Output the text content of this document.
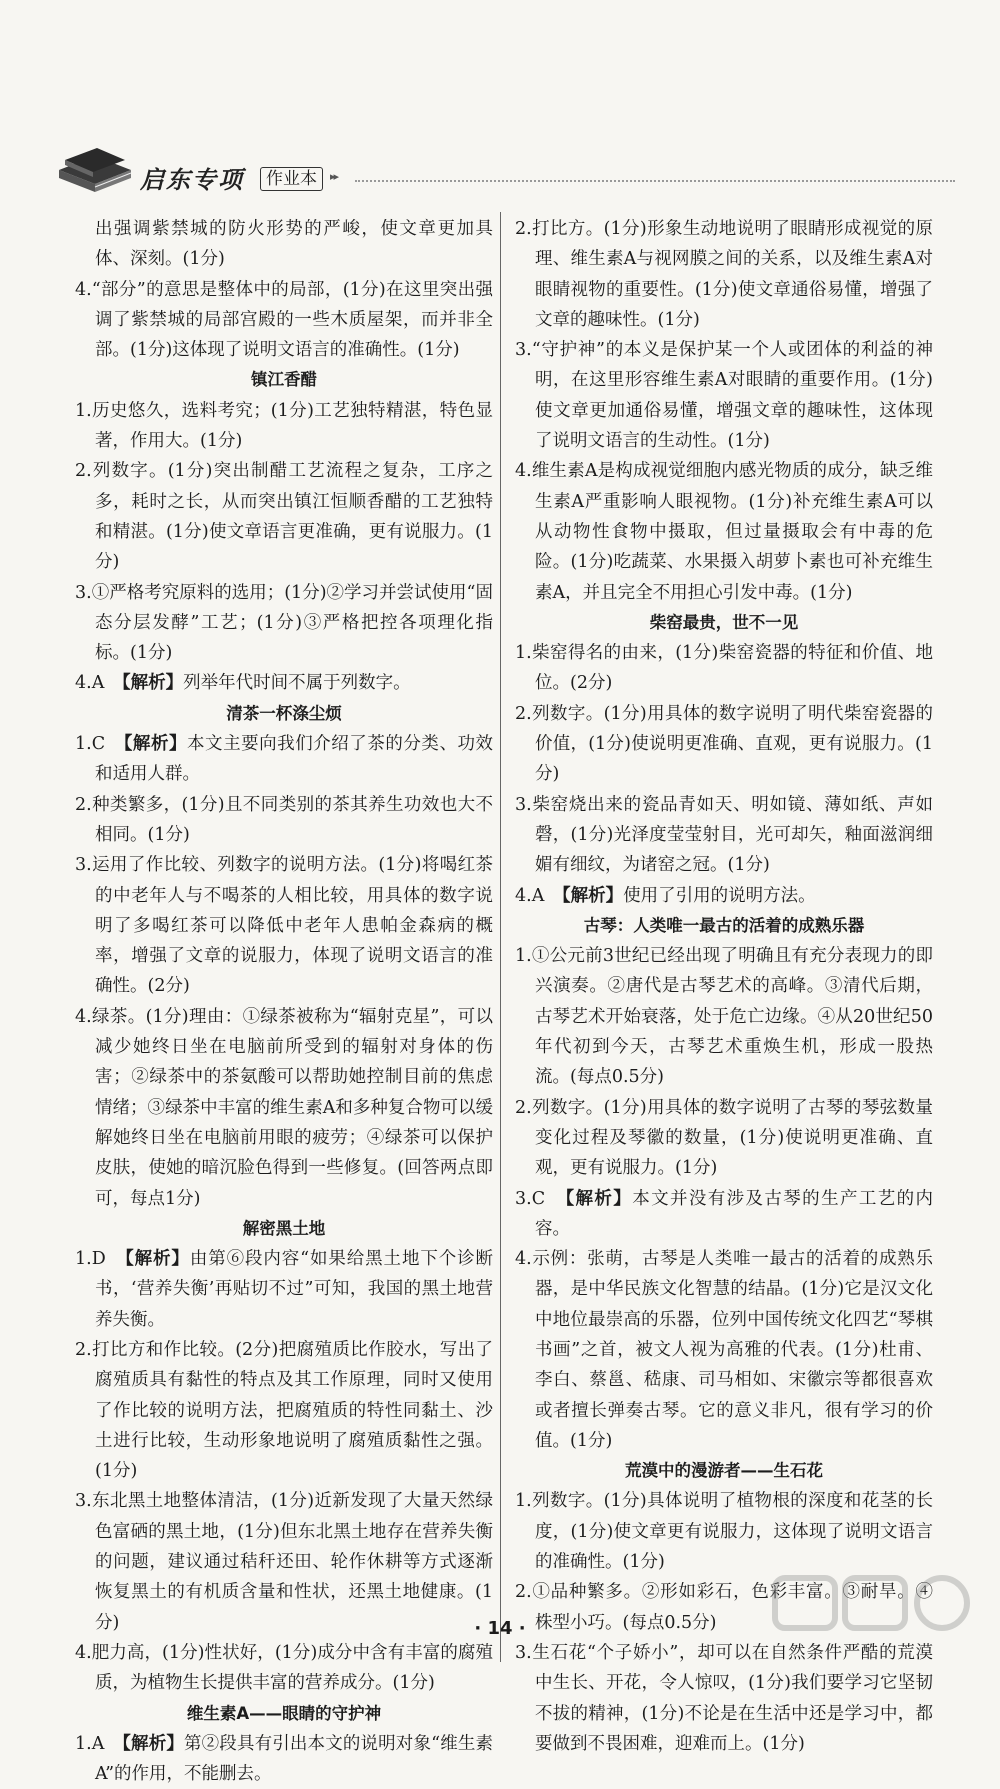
启东专项	作业本	▸▸

出强调紫禁城的防火形势的严峻，使文章更加具体、深刻。(1分)

4.“部分”的意思是整体中的局部，(1分)在这里突出强调了紫禁城的局部宫殿的一些木质屋架，而并非全部。(1分)这体现了说明文语言的准确性。(1分)

镇江香醋

1.历史悠久，选料考究；(1分)工艺独特精湛，特色显著，作用大。(1分)

2.列数字。(1分)突出制醋工艺流程之复杂，工序之多，耗时之长，从而突出镇江恒顺香醋的工艺独特和精湛。(1分)使文章语言更准确，更有说服力。(1分)

3.①严格考究原料的选用；(1分)②学习并尝试使用“固态分层发酵”工艺；(1分)③严格把控各项理化指标。(1分)

4.A　【解析】列举年代时间不属于列数字。

清茶一杯涤尘烦

1.C　【解析】本文主要向我们介绍了茶的分类、功效和适用人群。

2.种类繁多，(1分)且不同类别的茶其养生功效也大不相同。(1分)

3.运用了作比较、列数字的说明方法。(1分)将喝红茶的中老年人与不喝茶的人相比较，用具体的数字说明了多喝红茶可以降低中老年人患帕金森病的概率，增强了文章的说服力，体现了说明文语言的准确性。(2分)

4.绿茶。(1分)理由：①绿茶被称为“辐射克星”，可以减少她终日坐在电脑前所受到的辐射对身体的伤害；②绿茶中的茶氨酸可以帮助她控制目前的焦虑情绪；③绿茶中丰富的维生素A和多种复合物可以缓解她终日坐在电脑前用眼的疲劳；④绿茶可以保护皮肤，使她的暗沉脸色得到一些修复。(回答两点即可，每点1分)

解密黑土地

1.D　【解析】由第⑥段内容“如果给黑土地下个诊断书，‘营养失衡’再贴切不过”可知，我国的黑土地营养失衡。

2.打比方和作比较。(2分)把腐殖质比作胶水，写出了腐殖质具有黏性的特点及其工作原理，同时又使用了作比较的说明方法，把腐殖质的特性同黏土、沙土进行比较，生动形象地说明了腐殖质黏性之强。(1分)

3.东北黑土地整体清洁，(1分)近新发现了大量天然绿色富硒的黑土地，(1分)但东北黑土地存在营养失衡的问题，建议通过秸秆还田、轮作休耕等方式逐渐恢复黑土的有机质含量和性状，还黑土地健康。(1分)

4.肥力高，(1分)性状好，(1分)成分中含有丰富的腐殖质，为植物生长提供丰富的营养成分。(1分)

维生素A——眼睛的守护神

1.A　【解析】第②段具有引出本文的说明对象“维生素A”的作用，不能删去。

2.打比方。(1分)形象生动地说明了眼睛形成视觉的原理、维生素A与视网膜之间的关系，以及维生素A对眼睛视物的重要性。(1分)使文章通俗易懂，增强了文章的趣味性。(1分)

3.“守护神”的本义是保护某一个人或团体的利益的神明，在这里形容维生素A对眼睛的重要作用。(1分)使文章更加通俗易懂，增强文章的趣味性，这体现了说明文语言的生动性。(1分)

4.维生素A是构成视觉细胞内感光物质的成分，缺乏维生素A严重影响人眼视物。(1分)补充维生素A可以从动物性食物中摄取，但过量摄取会有中毒的危险。(1分)吃蔬菜、水果摄入胡萝卜素也可补充维生素A，并且完全不用担心引发中毒。(1分)

柴窑最贵，世不一见

1.柴窑得名的由来，(1分)柴窑瓷器的特征和价值、地位。(2分)

2.列数字。(1分)用具体的数字说明了明代柴窑瓷器的价值，(1分)使说明更准确、直观，更有说服力。(1分)

3.柴窑烧出来的瓷品青如天、明如镜、薄如纸、声如磬，(1分)光泽度莹莹射目，光可却矢，釉面滋润细媚有细纹，为诸窑之冠。(1分)

4.A　【解析】使用了引用的说明方法。

古琴：人类唯一最古的活着的成熟乐器

1.①公元前3世纪已经出现了明确且有充分表现力的即兴演奏。②唐代是古琴艺术的高峰。③清代后期，古琴艺术开始衰落，处于危亡边缘。④从20世纪50年代初到今天，古琴艺术重焕生机，形成一股热流。(每点0.5分)

2.列数字。(1分)用具体的数字说明了古琴的琴弦数量变化过程及琴徽的数量，(1分)使说明更准确、直观，更有说服力。(1分)

3.C　【解析】本文并没有涉及古琴的生产工艺的内容。

4.示例：张萌，古琴是人类唯一最古的活着的成熟乐器，是中华民族文化智慧的结晶。(1分)它是汉文化中地位最崇高的乐器，位列中国传统文化四艺“琴棋书画”之首，被文人视为高雅的代表。(1分)杜甫、李白、蔡邕、嵇康、司马相如、宋徽宗等都很喜欢或者擅长弹奏古琴。它的意义非凡，很有学习的价值。(1分)

荒漠中的漫游者——生石花

1.列数字。(1分)具体说明了植物根的深度和花茎的长度，(1分)使文章更有说服力，这体现了说明文语言的准确性。(1分)

2.①品种繁多。②形如彩石，色彩丰富。③耐旱。④株型小巧。(每点0.5分)

3.生石花“个子娇小”，却可以在自然条件严酷的荒漠中生长、开花，令人惊叹，(1分)我们要学习它坚韧不拔的精神，(1分)不论是在生活中还是学习中，都要做到不畏困难，迎难而上。(1分)

· 14 ·
